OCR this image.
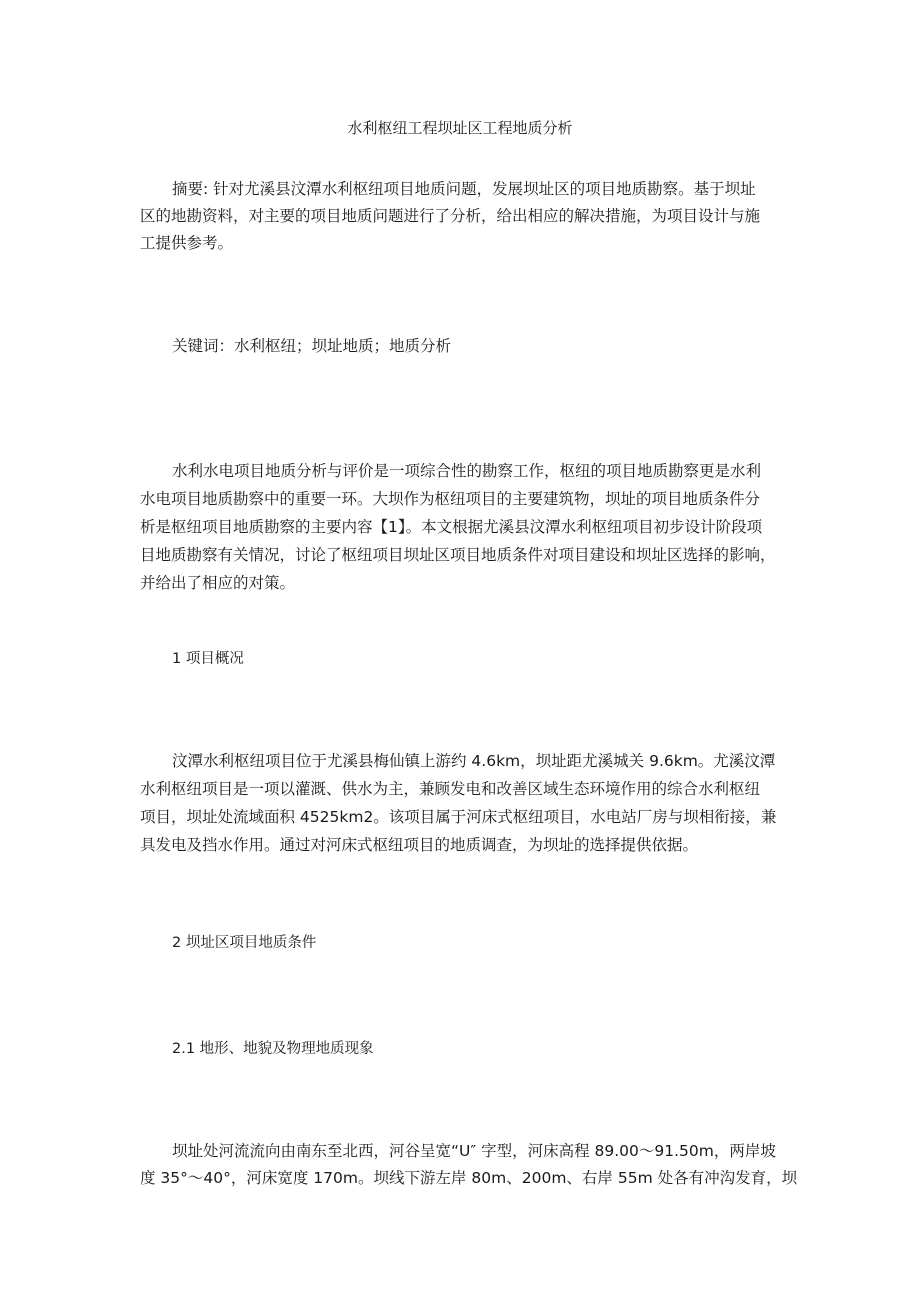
水利枢纽工程坝址区工程地质分析
摘要: 针对尤溪县汶潭水利枢纽项目地质问题，发展坝址区的项目地质勘察。基于坝址
区的地勘资料，对主要的项目地质问题进行了分析，给出相应的解决措施，为项目设计与施
工提供参考。
关键词：水利枢纽；坝址地质；地质分析
水利水电项目地质分析与评价是一项综合性的勘察工作，枢纽的项目地质勘察更是水利
水电项目地质勘察中的重要一环。大坝作为枢纽项目的主要建筑物，坝址的项目地质条件分
析是枢纽项目地质勘察的主要内容【1】。本文根据尤溪县汶潭水利枢纽项目初步设计阶段项
目地质勘察有关情况，讨论了枢纽项目坝址区项目地质条件对项目建设和坝址区选择的影响，
并给出了相应的对策。
1 项目概况
汶潭水利枢纽项目位于尤溪县梅仙镇上游约 4.6km，坝址距尤溪城关 9.6km。尤溪汶潭
水利枢纽项目是一项以灌溉、供水为主，兼顾发电和改善区域生态环境作用的综合水利枢纽
项目，坝址处流域面积 4525km2。该项目属于河床式枢纽项目，水电站厂房与坝相衔接，兼
具发电及挡水作用。通过对河床式枢纽项目的地质调查，为坝址的选择提供依据。
2 坝址区项目地质条件
2.1 地形、地貌及物理地质现象
坝址处河流流向由南东至北西，河谷呈宽“U″ 字型，河床高程 89.00～91.50m，两岸坡
度 35°～40°，河床宽度 170m。坝线下游左岸 80m、200m、右岸 55m 处各有冲沟发育，坝
